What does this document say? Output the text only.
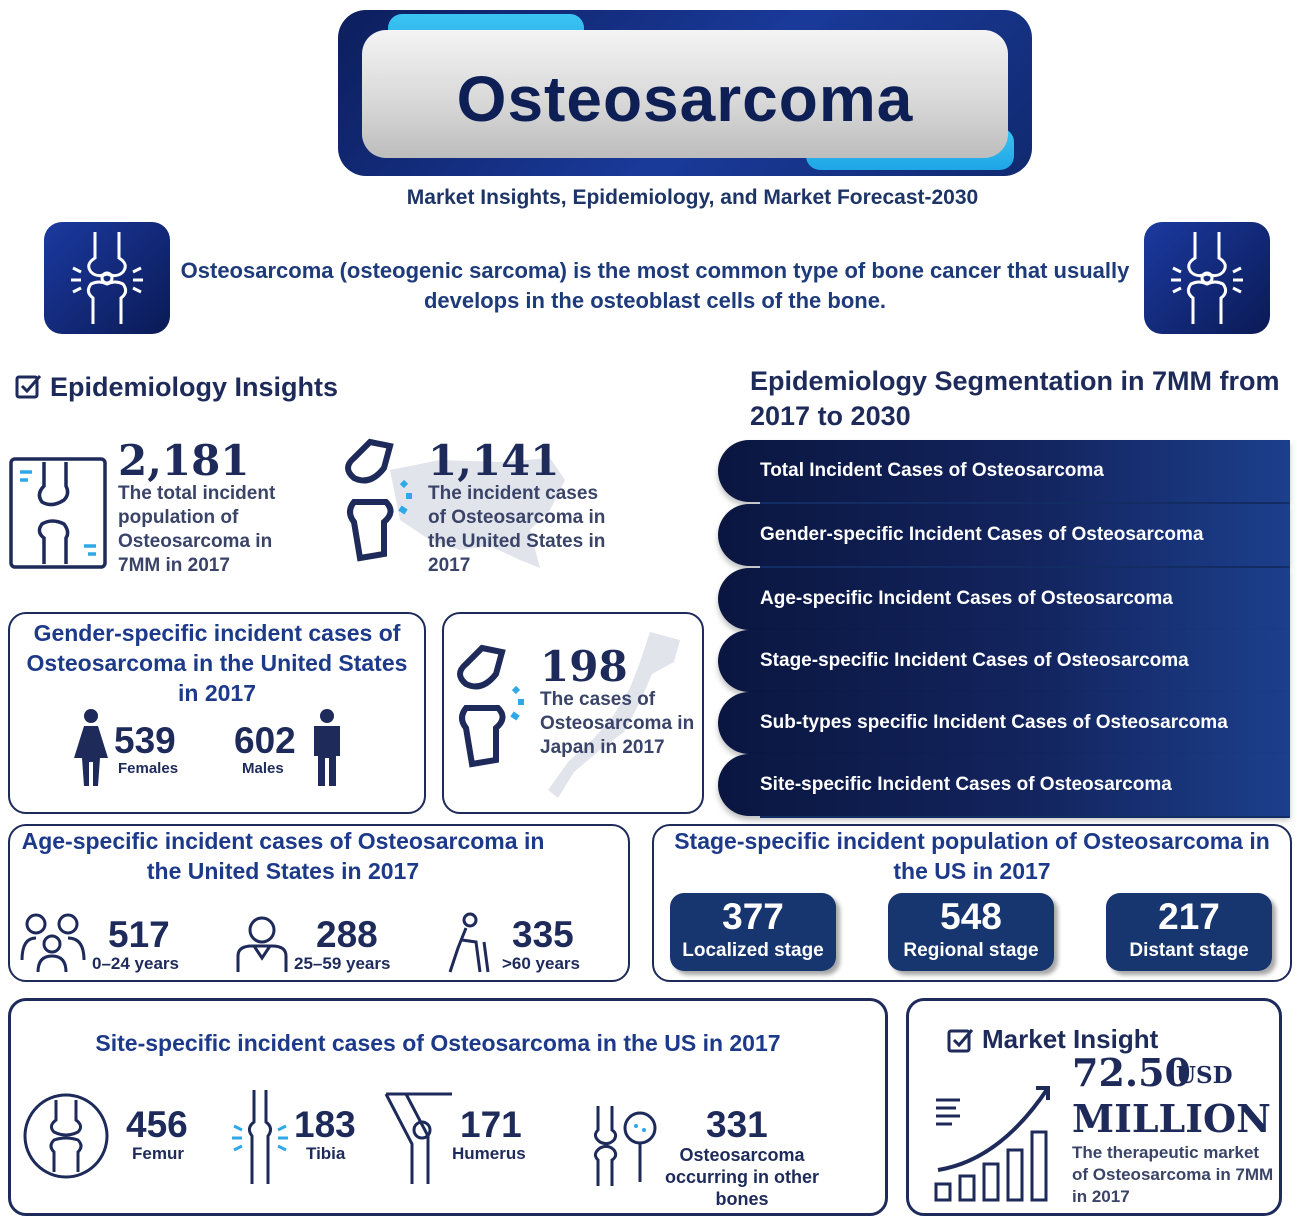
Osteosarcoma
Market Insights, Epidemiology, and Market Forecast-2030
Osteosarcoma (osteogenic sarcoma) is the most common type of bone cancer that usually develops in the osteoblast cells of the bone.
Epidemiology Insights
2,181
The total incident population of Osteosarcoma in 7MM in 2017
1,141
The incident cases of Osteosarcoma in the United States in 2017
Gender-specific incident cases of Osteosarcoma in the United States in 2017
539
Females
602
Males
198
The cases of Osteosarcoma in Japan in 2017
Epidemiology Segmentation in 7MM from 2017 to 2030
Total Incident Cases of Osteosarcoma
Gender-specific Incident Cases of Osteosarcoma
Age-specific Incident Cases of Osteosarcoma
Stage-specific Incident Cases of Osteosarcoma
Sub-types specific Incident Cases of Osteosarcoma
Site-specific Incident Cases of Osteosarcoma
Age-specific incident cases of Osteosarcoma in the United States in 2017
517
0–24 years
288
25–59 years
335
>60 years
Stage-specific incident population of Osteosarcoma in the US in 2017
377
Localized stage
548
Regional stage
217
Distant stage
Site-specific incident cases of Osteosarcoma in the US in 2017
456
Femur
183
Tibia
171
Humerus
331
Osteosarcoma occurring in other bones
Market Insight
72.50
USD
MILLION
The therapeutic market of Osteosarcoma in 7MM in 2017
